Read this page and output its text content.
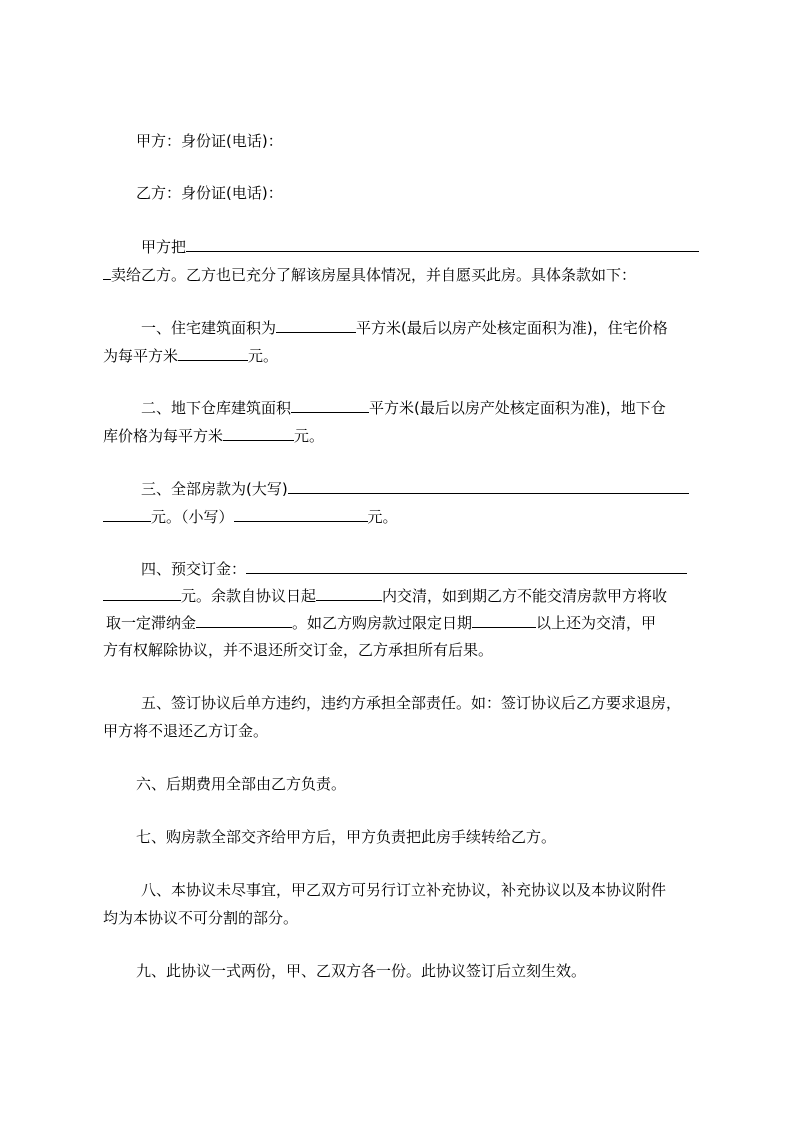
甲方：身份证(电话)：
乙方：身份证(电话)：
甲方把
卖给乙方。乙方也已充分了解该房屋具体情况，并自愿买此房。具体条款如下：
一、住宅建筑面积为	平方米(最后以房产处核定面积为准)，住宅价格
为每平方米	元。
二、地下仓库建筑面积	平方米(最后以房产处核定面积为准)，地下仓
库价格为每平方米	元。
三、全部房款为(大写)
元。（小写）	元。
四、预交订金：
元。余款自协议日起	内交清，如到期乙方不能交清房款甲方将收
取一定滞纳金	。如乙方购房款过限定日期	以上还为交清，甲
方有权解除协议，并不退还所交订金，乙方承担所有后果。
五、签订协议后单方违约，违约方承担全部责任。如：签订协议后乙方要求退房，
甲方将不退还乙方订金。
六、后期费用全部由乙方负责。
七、购房款全部交齐给甲方后，甲方负责把此房手续转给乙方。
八、本协议未尽事宜，甲乙双方可另行订立补充协议，补充协议以及本协议附件
均为本协议不可分割的部分。
九、此协议一式两份，甲、乙双方各一份。此协议签订后立刻生效。
